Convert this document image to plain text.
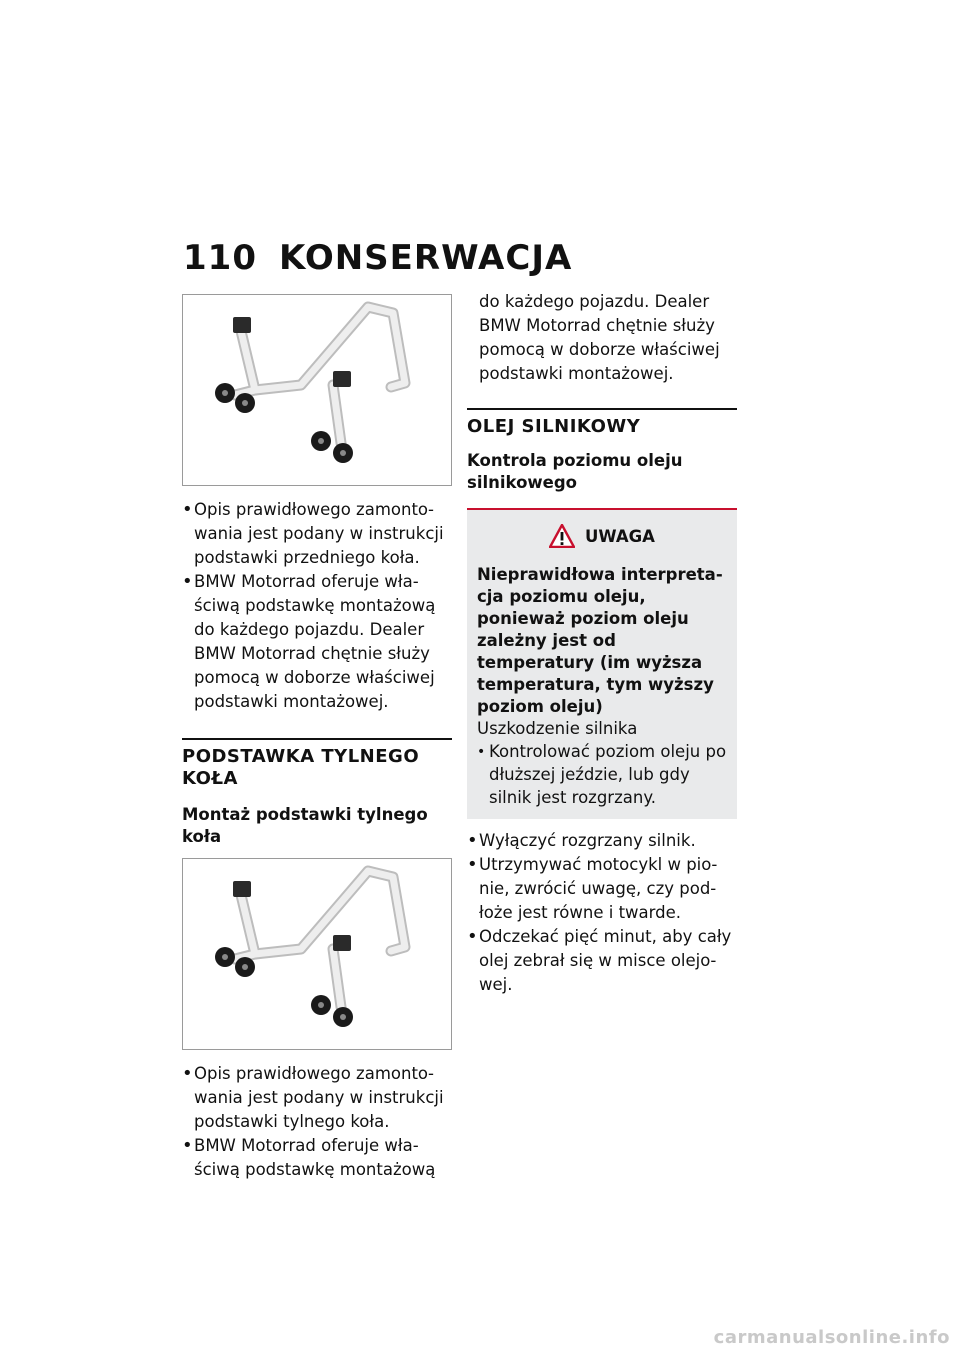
110 KONSERWACJA
• Opis prawidłowego zamontowania jest podany w instrukcji podstawki przedniego koła.
• BMW Motorrad oferuje właściwą podstawkę montażową do każdego pojazdu. Dealer BMW Motorrad chętnie służy pomocą w doborze właściwej podstawki montażowej.
PODSTAWKA TYLNEGO KOŁA
Montaż podstawki tylnego koła
• Opis prawidłowego zamontowania jest podany w instrukcji podstawki tylnego koła.
• BMW Motorrad oferuje właściwą podstawkę montażową
do każdego pojazdu. Dealer BMW Motorrad chętnie służy pomocą w doborze właściwej podstawki montażowej.
OLEJ SILNIKOWY
Kontrola poziomu oleju silnikowego
UWAGA
Nieprawidłowa interpretacja poziomu oleju, ponieważ poziom oleju zależny jest od temperatury (im wyższa temperatura, tym wyższy poziom oleju)
Uszkodzenie silnika
• Kontrolować poziom oleju po dłuższej jeździe, lub gdy silnik jest rozgrzany.
• Wyłączyć rozgrzany silnik.
• Utrzymywać motocykl w pionie, zwrócić uwagę, czy podłoże jest równe i twarde.
• Odczekać pięć minut, aby cały olej zebrał się w misce olejowej.
carmanualsonline.info
